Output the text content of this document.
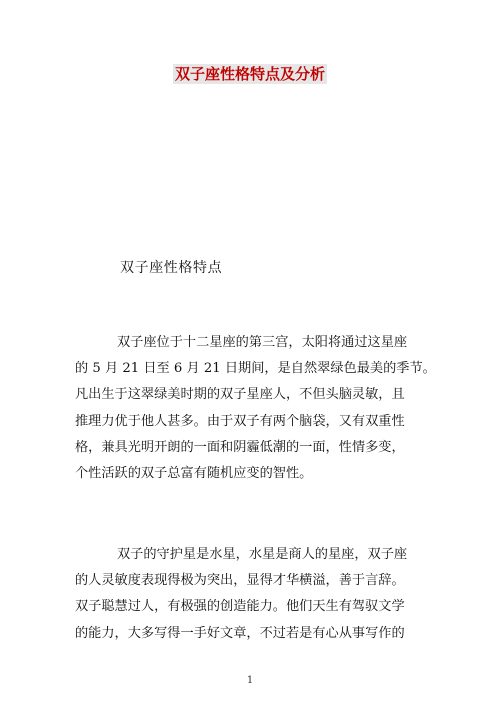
双子座性格特点及分析
双子座性格特点
双子座位于十二星座的第三宫，太阳将通过这星座
的 5 月 21 日至 6 月 21 日期间，是自然翠绿色最美的季节。
凡出生于这翠绿美时期的双子星座人，不但头脑灵敏，且
推理力优于他人甚多。由于双子有两个脑袋，又有双重性
格，兼具光明开朗的一面和阴霾低潮的一面，性情多变，
个性活跃的双子总富有随机应变的智性。
双子的守护星是水星，水星是商人的星座，双子座
的人灵敏度表现得极为突出，显得才华横溢，善于言辞。
双子聪慧过人，有极强的创造能力。他们天生有驾驭文学
的能力，大多写得一手好文章，不过若是有心从事写作的
1
